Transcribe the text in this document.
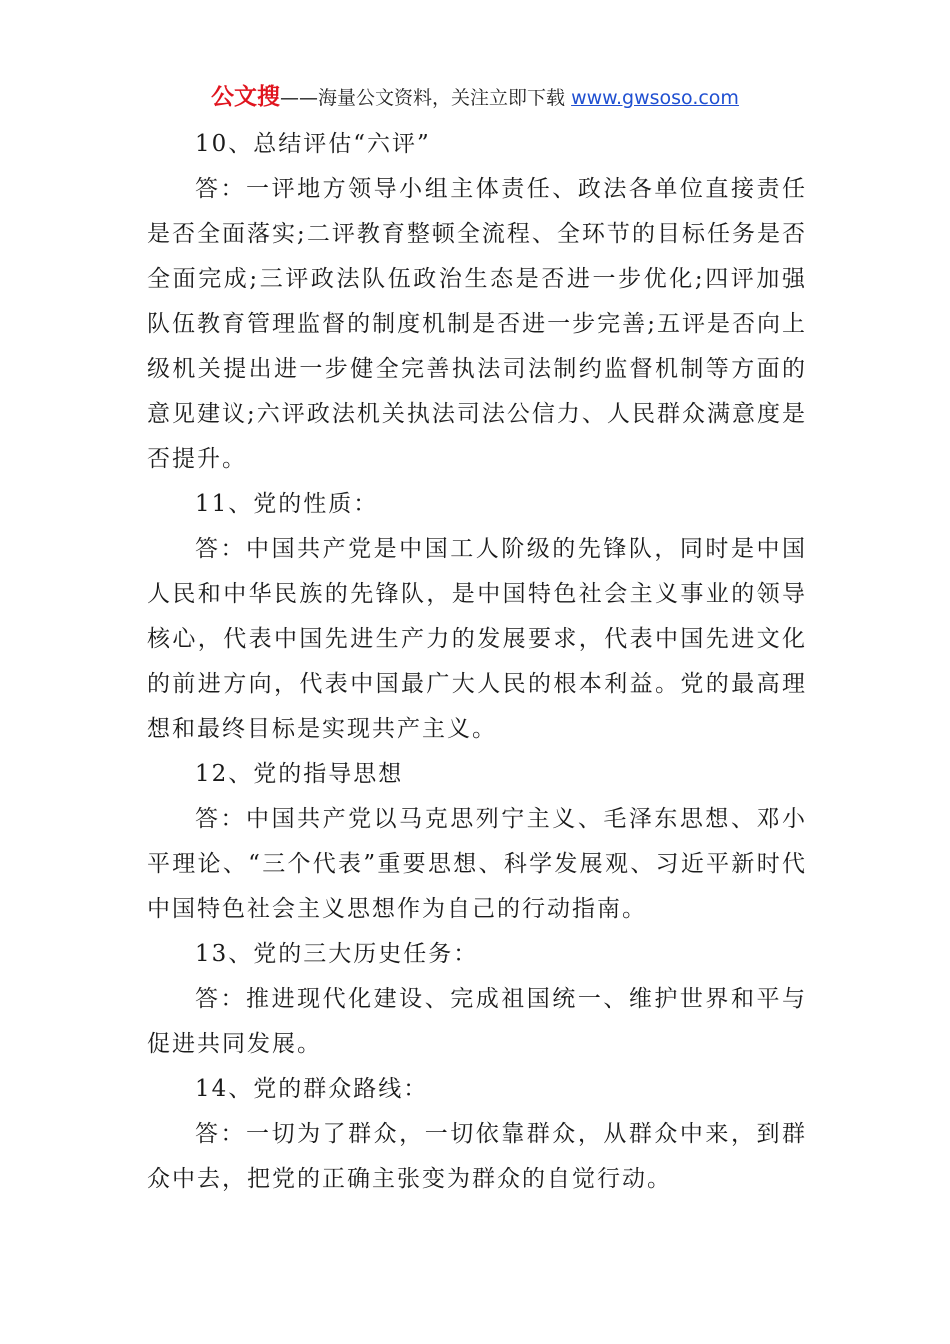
公文搜——海量公文资料，关注立即下载 www.gwsoso.com

10、总结评估“六评”

答：一评地方领导小组主体责任、政法各单位直接责任是否全面落实;二评教育整顿全流程、全环节的目标任务是否全面完成;三评政法队伍政治生态是否进一步优化;四评加强队伍教育管理监督的制度机制是否进一步完善;五评是否向上级机关提出进一步健全完善执法司法制约监督机制等方面的意见建议;六评政法机关执法司法公信力、人民群众满意度是否提升。

11、党的性质：

答：中国共产党是中国工人阶级的先锋队，同时是中国人民和中华民族的先锋队，是中国特色社会主义事业的领导核心，代表中国先进生产力的发展要求，代表中国先进文化的前进方向，代表中国最广大人民的根本利益。党的最高理想和最终目标是实现共产主义。

12、党的指导思想

答：中国共产党以马克思列宁主义、毛泽东思想、邓小平理论、“三个代表”重要思想、科学发展观、习近平新时代中国特色社会主义思想作为自己的行动指南。

13、党的三大历史任务：

答：推进现代化建设、完成祖国统一、维护世界和平与促进共同发展。

14、党的群众路线：

答：一切为了群众，一切依靠群众，从群众中来，到群众中去，把党的正确主张变为群众的自觉行动。
